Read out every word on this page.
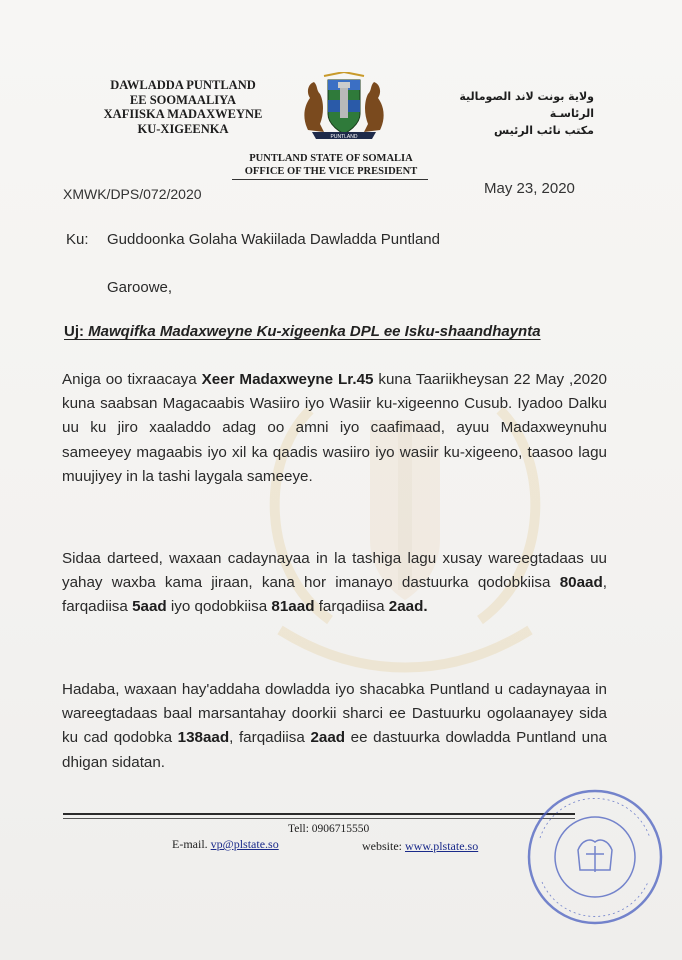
DAWLADDA PUNTLAND
EE SOOMAALIYA
XAFIISKA MADAXWEYNE
KU-XIGEENKA
PUNTLAND
ولاية بونت لاند الصومالية
الرئاسـة
مكتب نائب الرئيس
PUNTLAND STATE OF SOMALIA
OFFICE OF THE VICE PRESIDENT
XMWK/DPS/072/2020	May 23, 2020
Ku: Guddoonka Golaha Wakiilada Dawladda Puntland
Garoowe,
Uj: Mawqifka Madaxweyne Ku-xigeenka DPL ee Isku-shaandhaynta
Aniga oo tixraacaya Xeer Madaxweyne Lr.45 kuna Taariikheysan 22 May ,2020 kuna saabsan Magacaabis Wasiiro iyo Wasiir ku-xigeenno Cusub. Iyadoo Dalku uu ku jiro xaaladdo adag oo amni iyo caafimaad, ayuu Madaxweynuhu sameeyey magaabis iyo xil ka qaadis wasiiro iyo wasiir ku-xigeeno, taasoo lagu muujiyey in la tashi laygala sameeye.
Sidaa darteed, waxaan cadaynayaa in la tashiga lagu xusay wareegtadaas uu yahay waxba kama jiraan, kana hor imanayo dastuurka qodobkiisa 80aad, farqadiisa 5aad iyo qodobkiisa 81aad farqadiisa 2aad.
Hadaba, waxaan hay'addaha dowladda iyo shacabka Puntland u cadaynayaa in wareegtadaas baal marsantahay doorkii sharci ee Dastuurku ogolaanayey sida ku cad qodobka 138aad, farqadiisa 2aad ee dastuurka dowladda Puntland una dhigan sidatan.
Tell: 0906715550
E-mail. vp@plstate.so	website: www.plstate.so
